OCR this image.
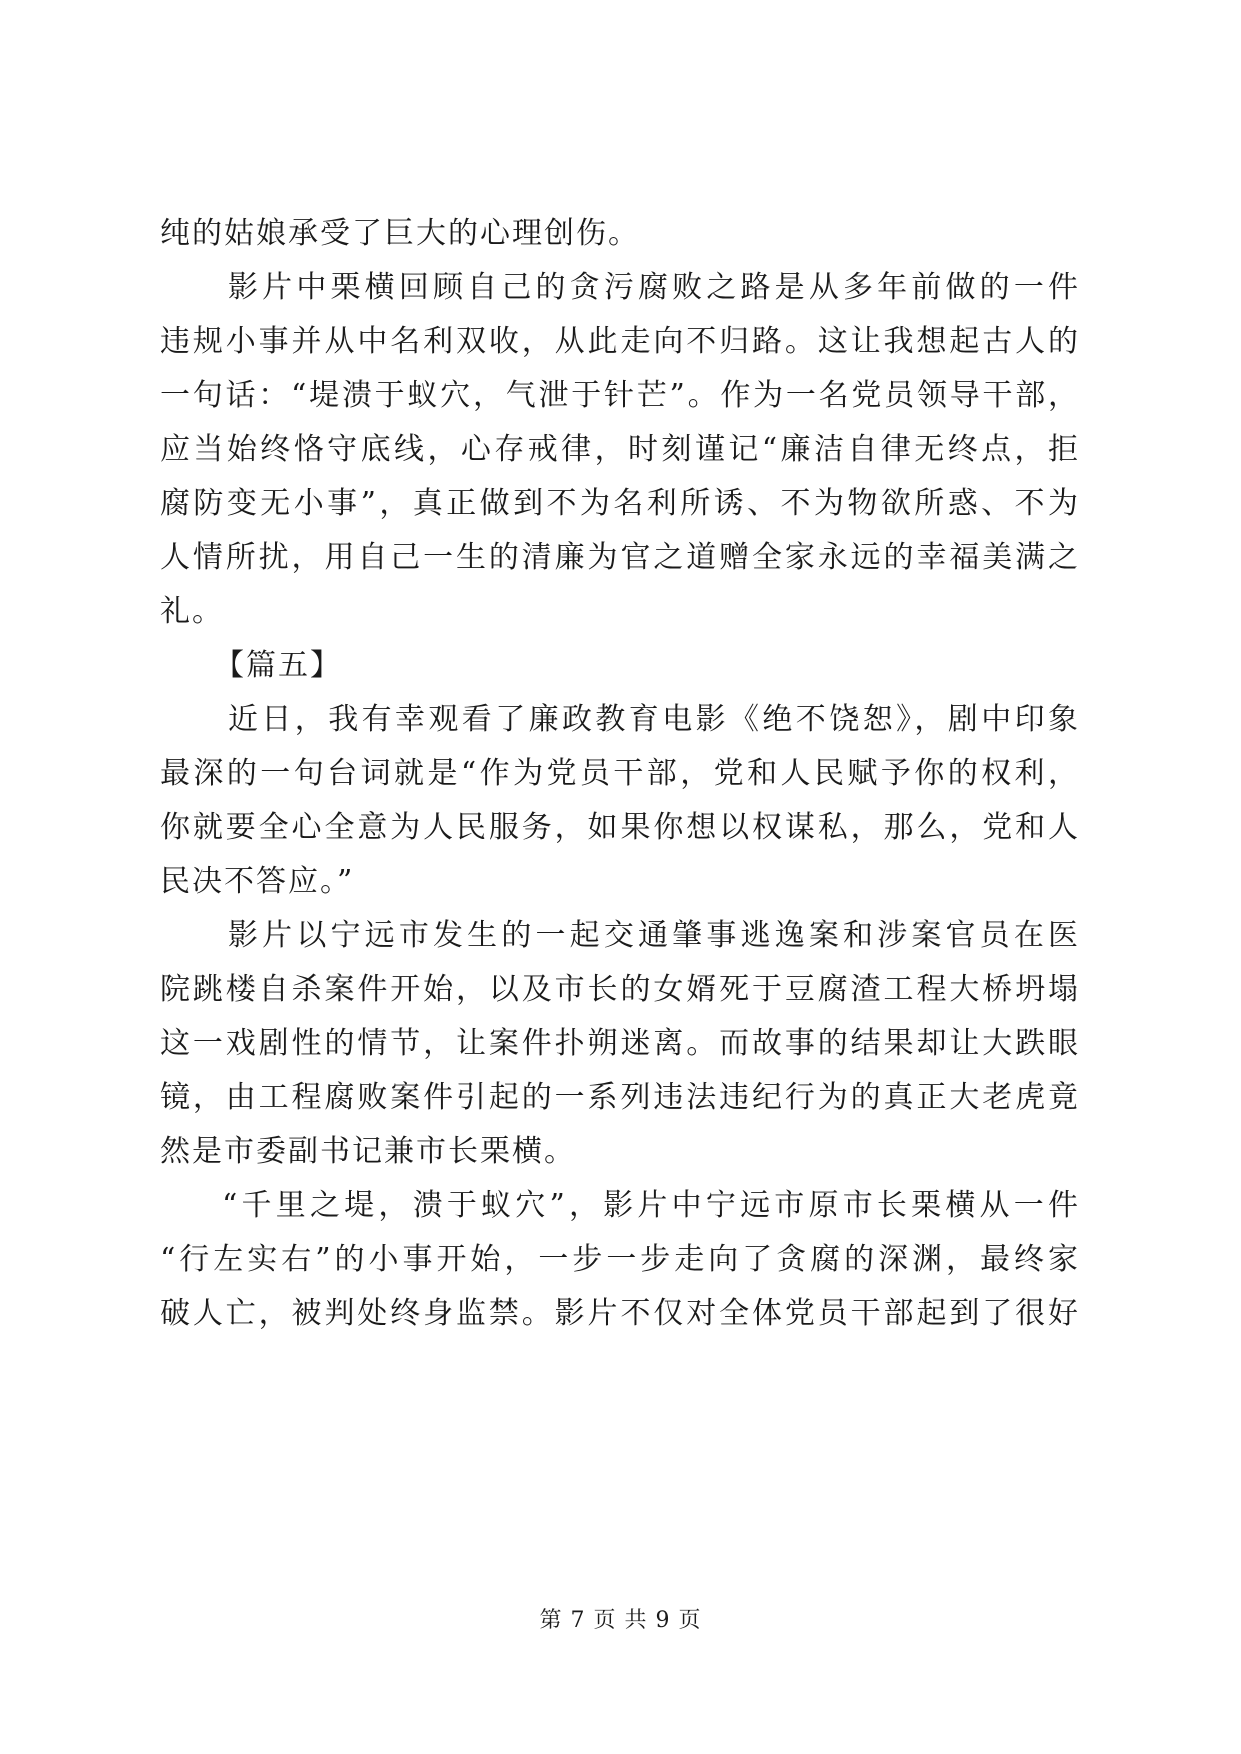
纯的姑娘承受了巨大的心理创伤。
影片中栗横回顾自己的贪污腐败之路是从多年前做的一件
违规小事并从中名利双收，从此走向不归路。这让我想起古人的
一句话：“堤溃于蚁穴，气泄于针芒”。作为一名党员领导干部，
应当始终恪守底线，心存戒律，时刻谨记“廉洁自律无终点，拒
腐防变无小事”，真正做到不为名利所诱、不为物欲所惑、不为
人情所扰，用自己一生的清廉为官之道赠全家永远的幸福美满之
礼。
【篇五】
近日，我有幸观看了廉政教育电影《绝不饶恕》，剧中印象
最深的一句台词就是“作为党员干部，党和人民赋予你的权利，
你就要全心全意为人民服务，如果你想以权谋私，那么，党和人
民决不答应。”
影片以宁远市发生的一起交通肇事逃逸案和涉案官员在医
院跳楼自杀案件开始，以及市长的女婿死于豆腐渣工程大桥坍塌
这一戏剧性的情节，让案件扑朔迷离。而故事的结果却让大跌眼
镜，由工程腐败案件引起的一系列违法违纪行为的真正大老虎竟
然是市委副书记兼市长栗横。
“千里之堤，溃于蚁穴”，影片中宁远市原市长栗横从一件
“行左实右”的小事开始，一步一步走向了贪腐的深渊，最终家
破人亡，被判处终身监禁。影片不仅对全体党员干部起到了很好
第 7 页 共 9 页
